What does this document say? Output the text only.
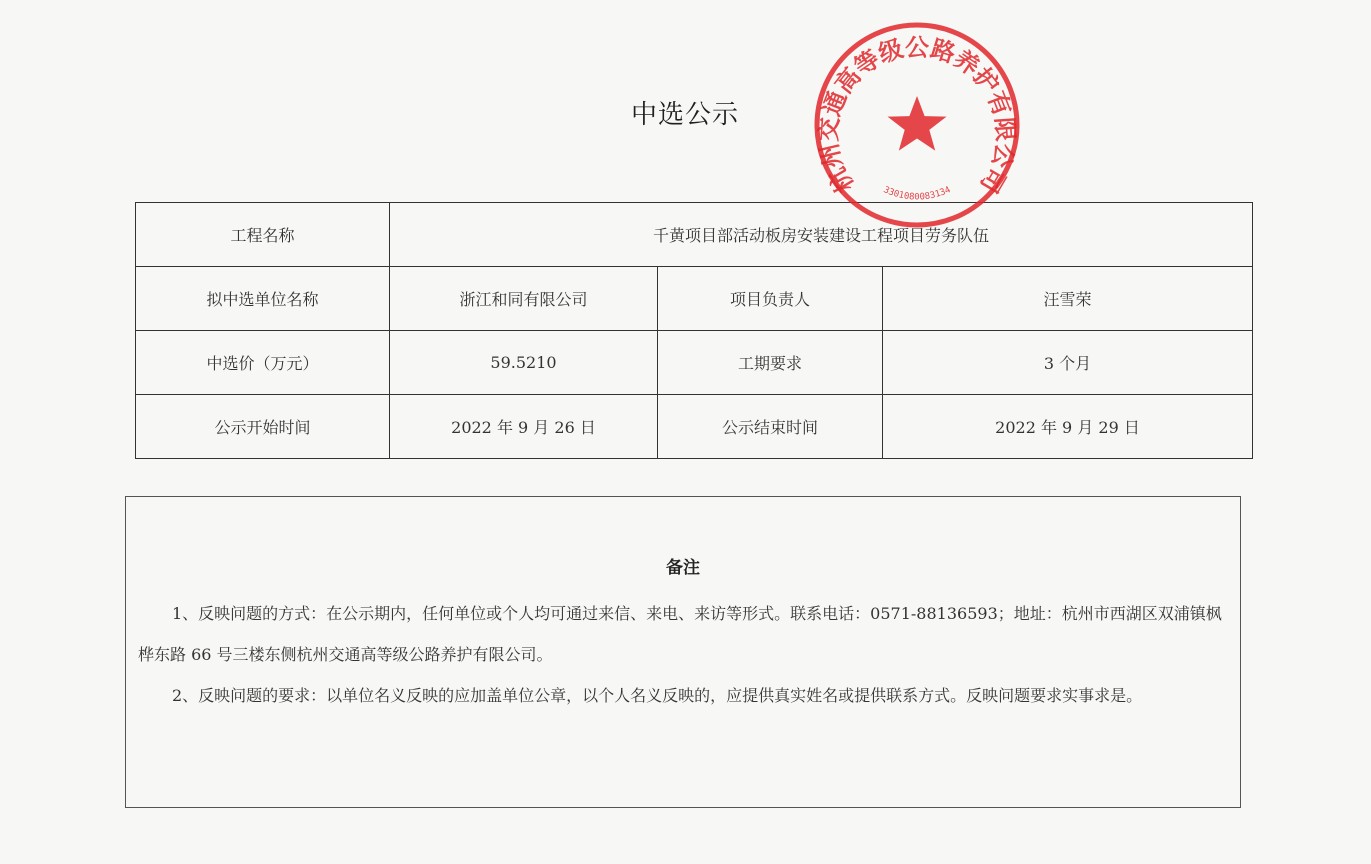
中选公示
工程名称	千黄项目部活动板房安装建设工程项目劳务队伍		
拟中选单位名称	浙江和同有限公司	项目负责人	汪雪荣
中选价（万元）	59.5210	工期要求	3 个月
公示开始时间	2022 年 9 月 26 日	公示结束时间	2022 年 9 月 29 日
备注

1、反映问题的方式：在公示期内，任何单位或个人均可通过来信、来电、来访等形式。联系电话：0571-88136593；地址：杭州市西湖区双浦镇枫桦东路 66 号三楼东侧杭州交通高等级公路养护有限公司。

2、反映问题的要求：以单位名义反映的应加盖单位公章，以个人名义反映的，应提供真实姓名或提供联系方式。反映问题要求实事求是。

杭州交通高等级公路养护有限公司
3301080083134
